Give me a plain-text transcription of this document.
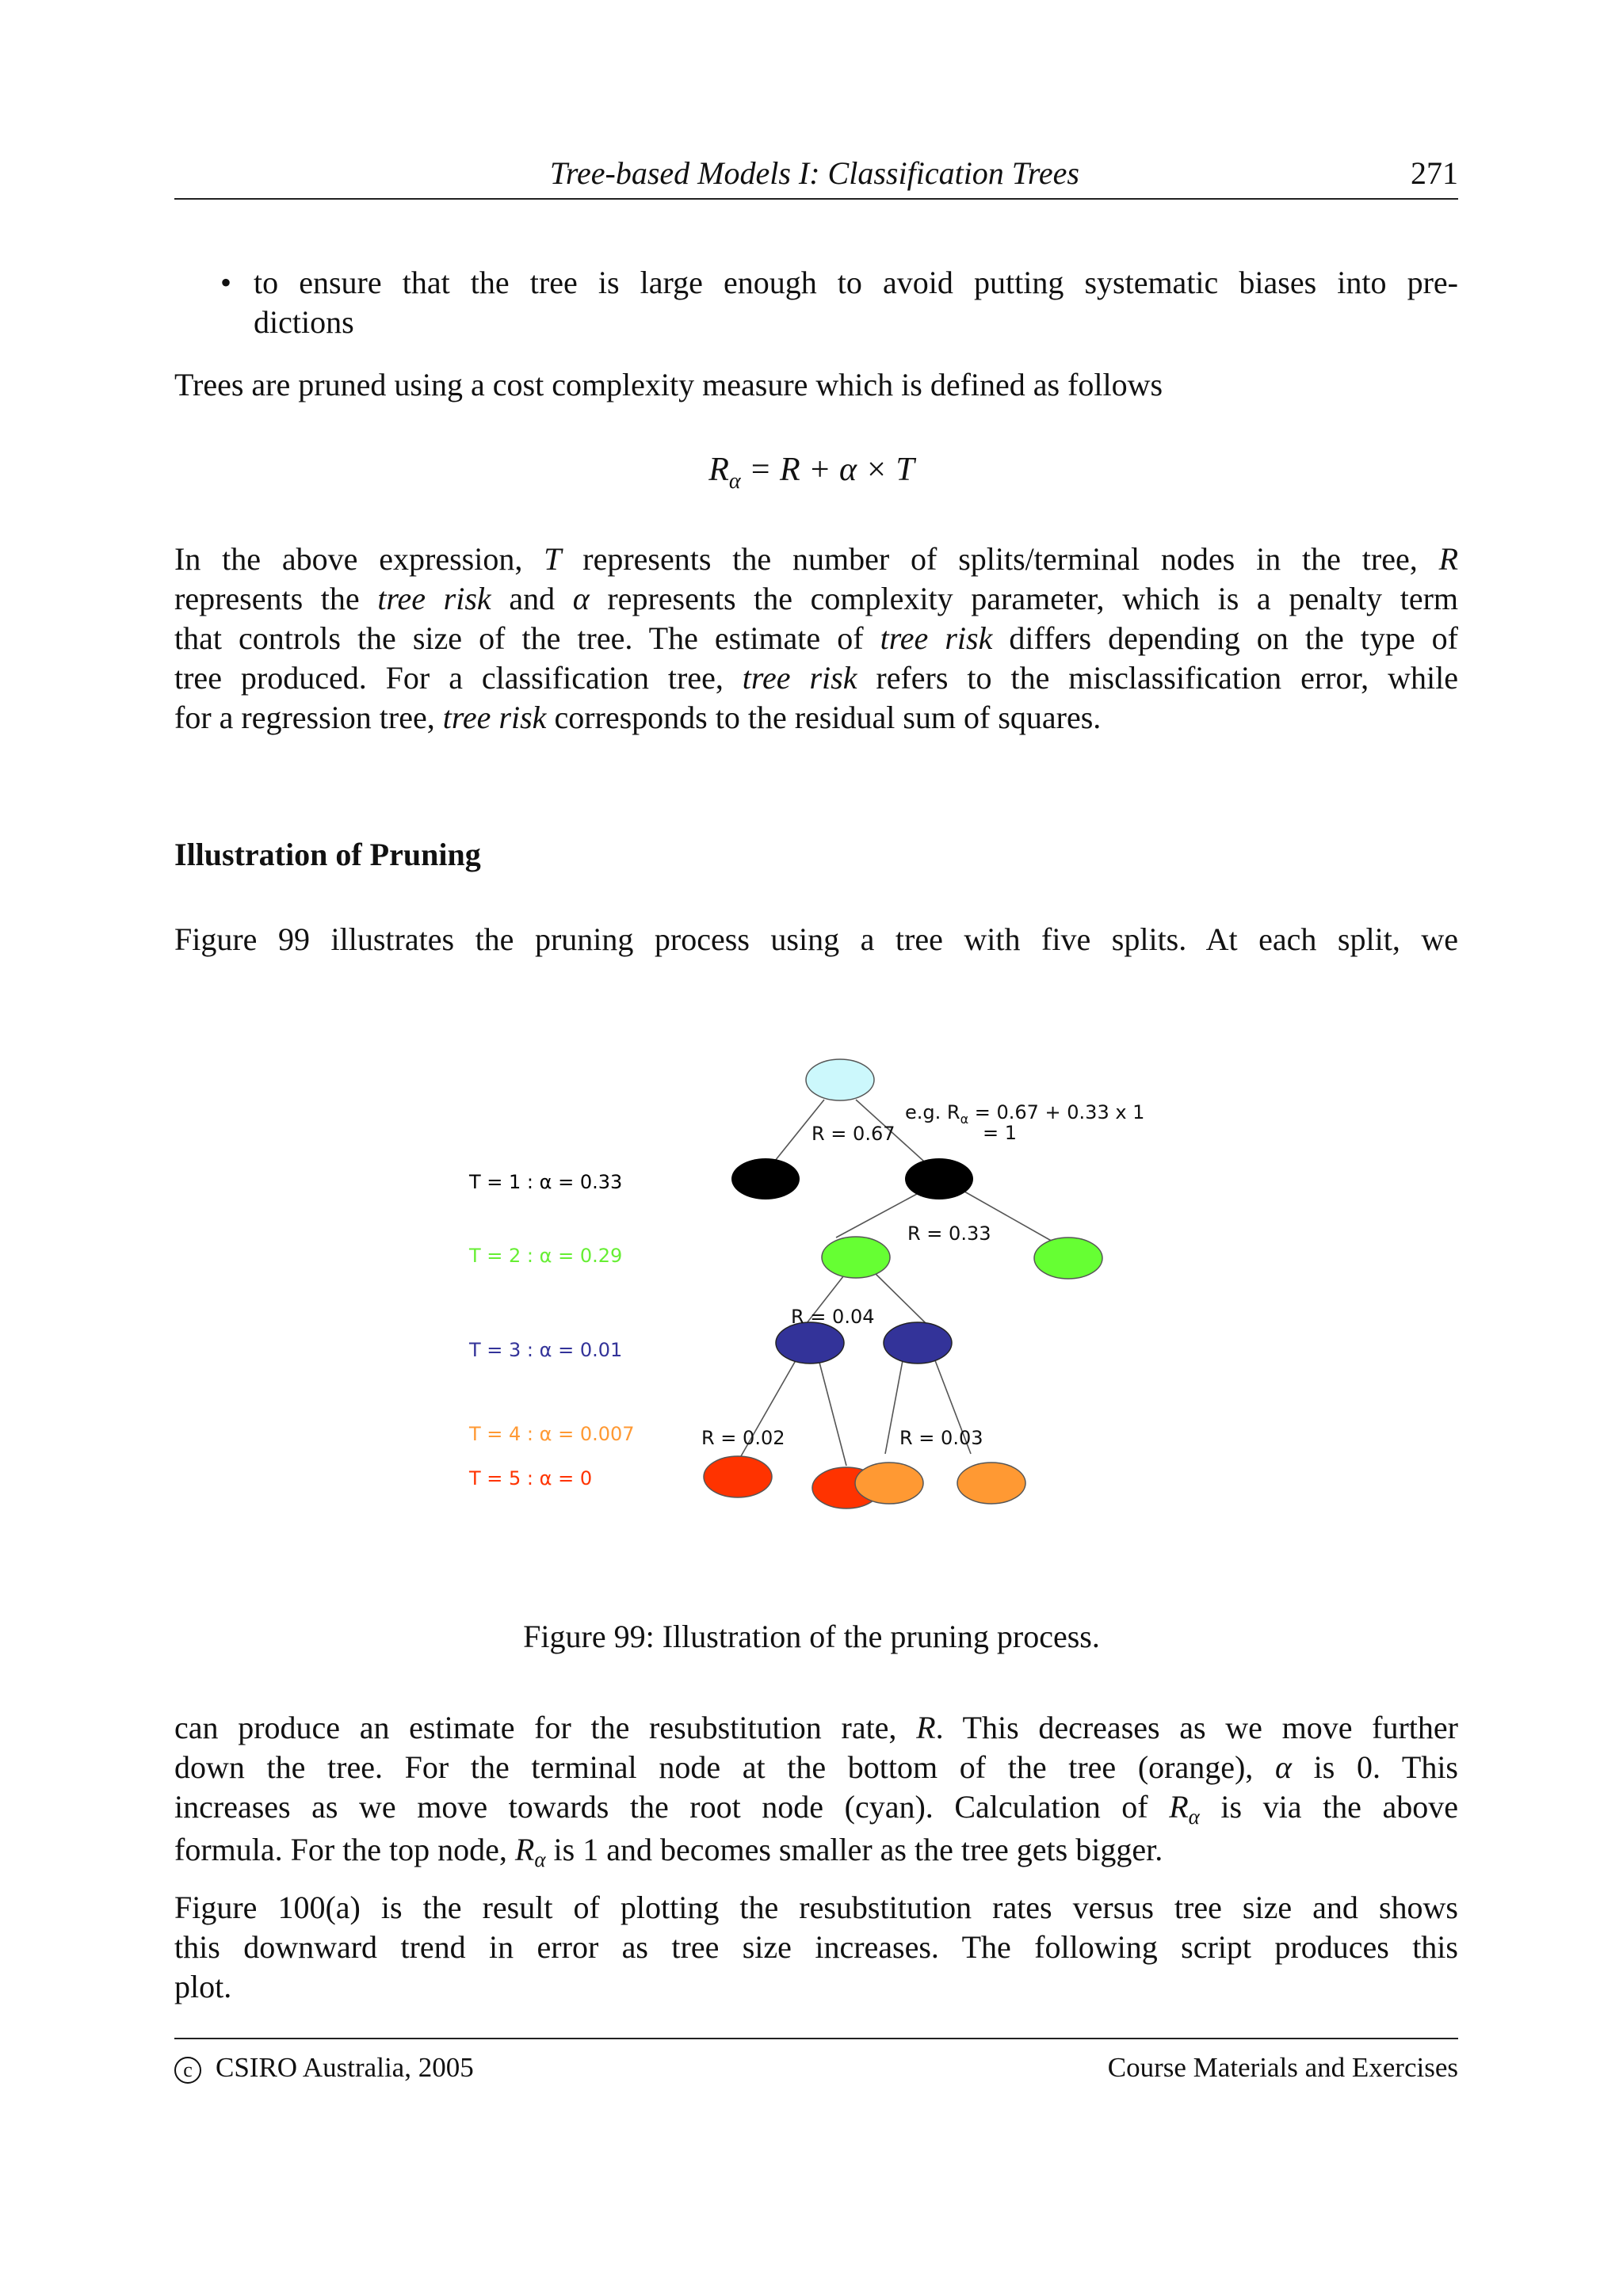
Tree-based Models I: Classification Trees	271
• to ensure that the tree is large enough to avoid putting systematic biases into pre-
dictions
Trees are pruned using a cost complexity measure which is defined as follows
$R_\alpha = R + \alpha \times T$
In the above expression, T represents the number of splits/terminal nodes in the tree, R
represents the tree risk and α represents the complexity parameter, which is a penalty term
that controls the size of the tree. The estimate of tree risk differs depending on the type of
tree produced. For a classification tree, tree risk refers to the misclassification error, while
for a regression tree, tree risk corresponds to the residual sum of squares.
Illustration of Pruning
Figure 99 illustrates the pruning process using a tree with five splits. At each split, we
T = 1 : α = 0.33
T = 2 : α = 0.29
T = 3 : α = 0.01
T = 4 : α = 0.007
T = 5 : α = 0
R = 0.67
e.g. $R_\alpha = 0.67 + 0.33$ x 1
= 1
R = 0.33
R = 0.04
R = 0.02	R = 0.03
Figure 99: Illustration of the pruning process.
can produce an estimate for the resubstitution rate, R. This decreases as we move further
down the tree. For the terminal node at the bottom of the tree (orange), α is 0. This
increases as we move towards the root node (cyan). Calculation of $R_\alpha$ is via the above
formula. For the top node, $R_\alpha$ is 1 and becomes smaller as the tree gets bigger.
Figure 100(a) is the result of plotting the resubstitution rates versus tree size and shows
this downward trend in error as tree size increases. The following script produces this
plot.
c CSIRO Australia, 2005	Course Materials and Exercises
